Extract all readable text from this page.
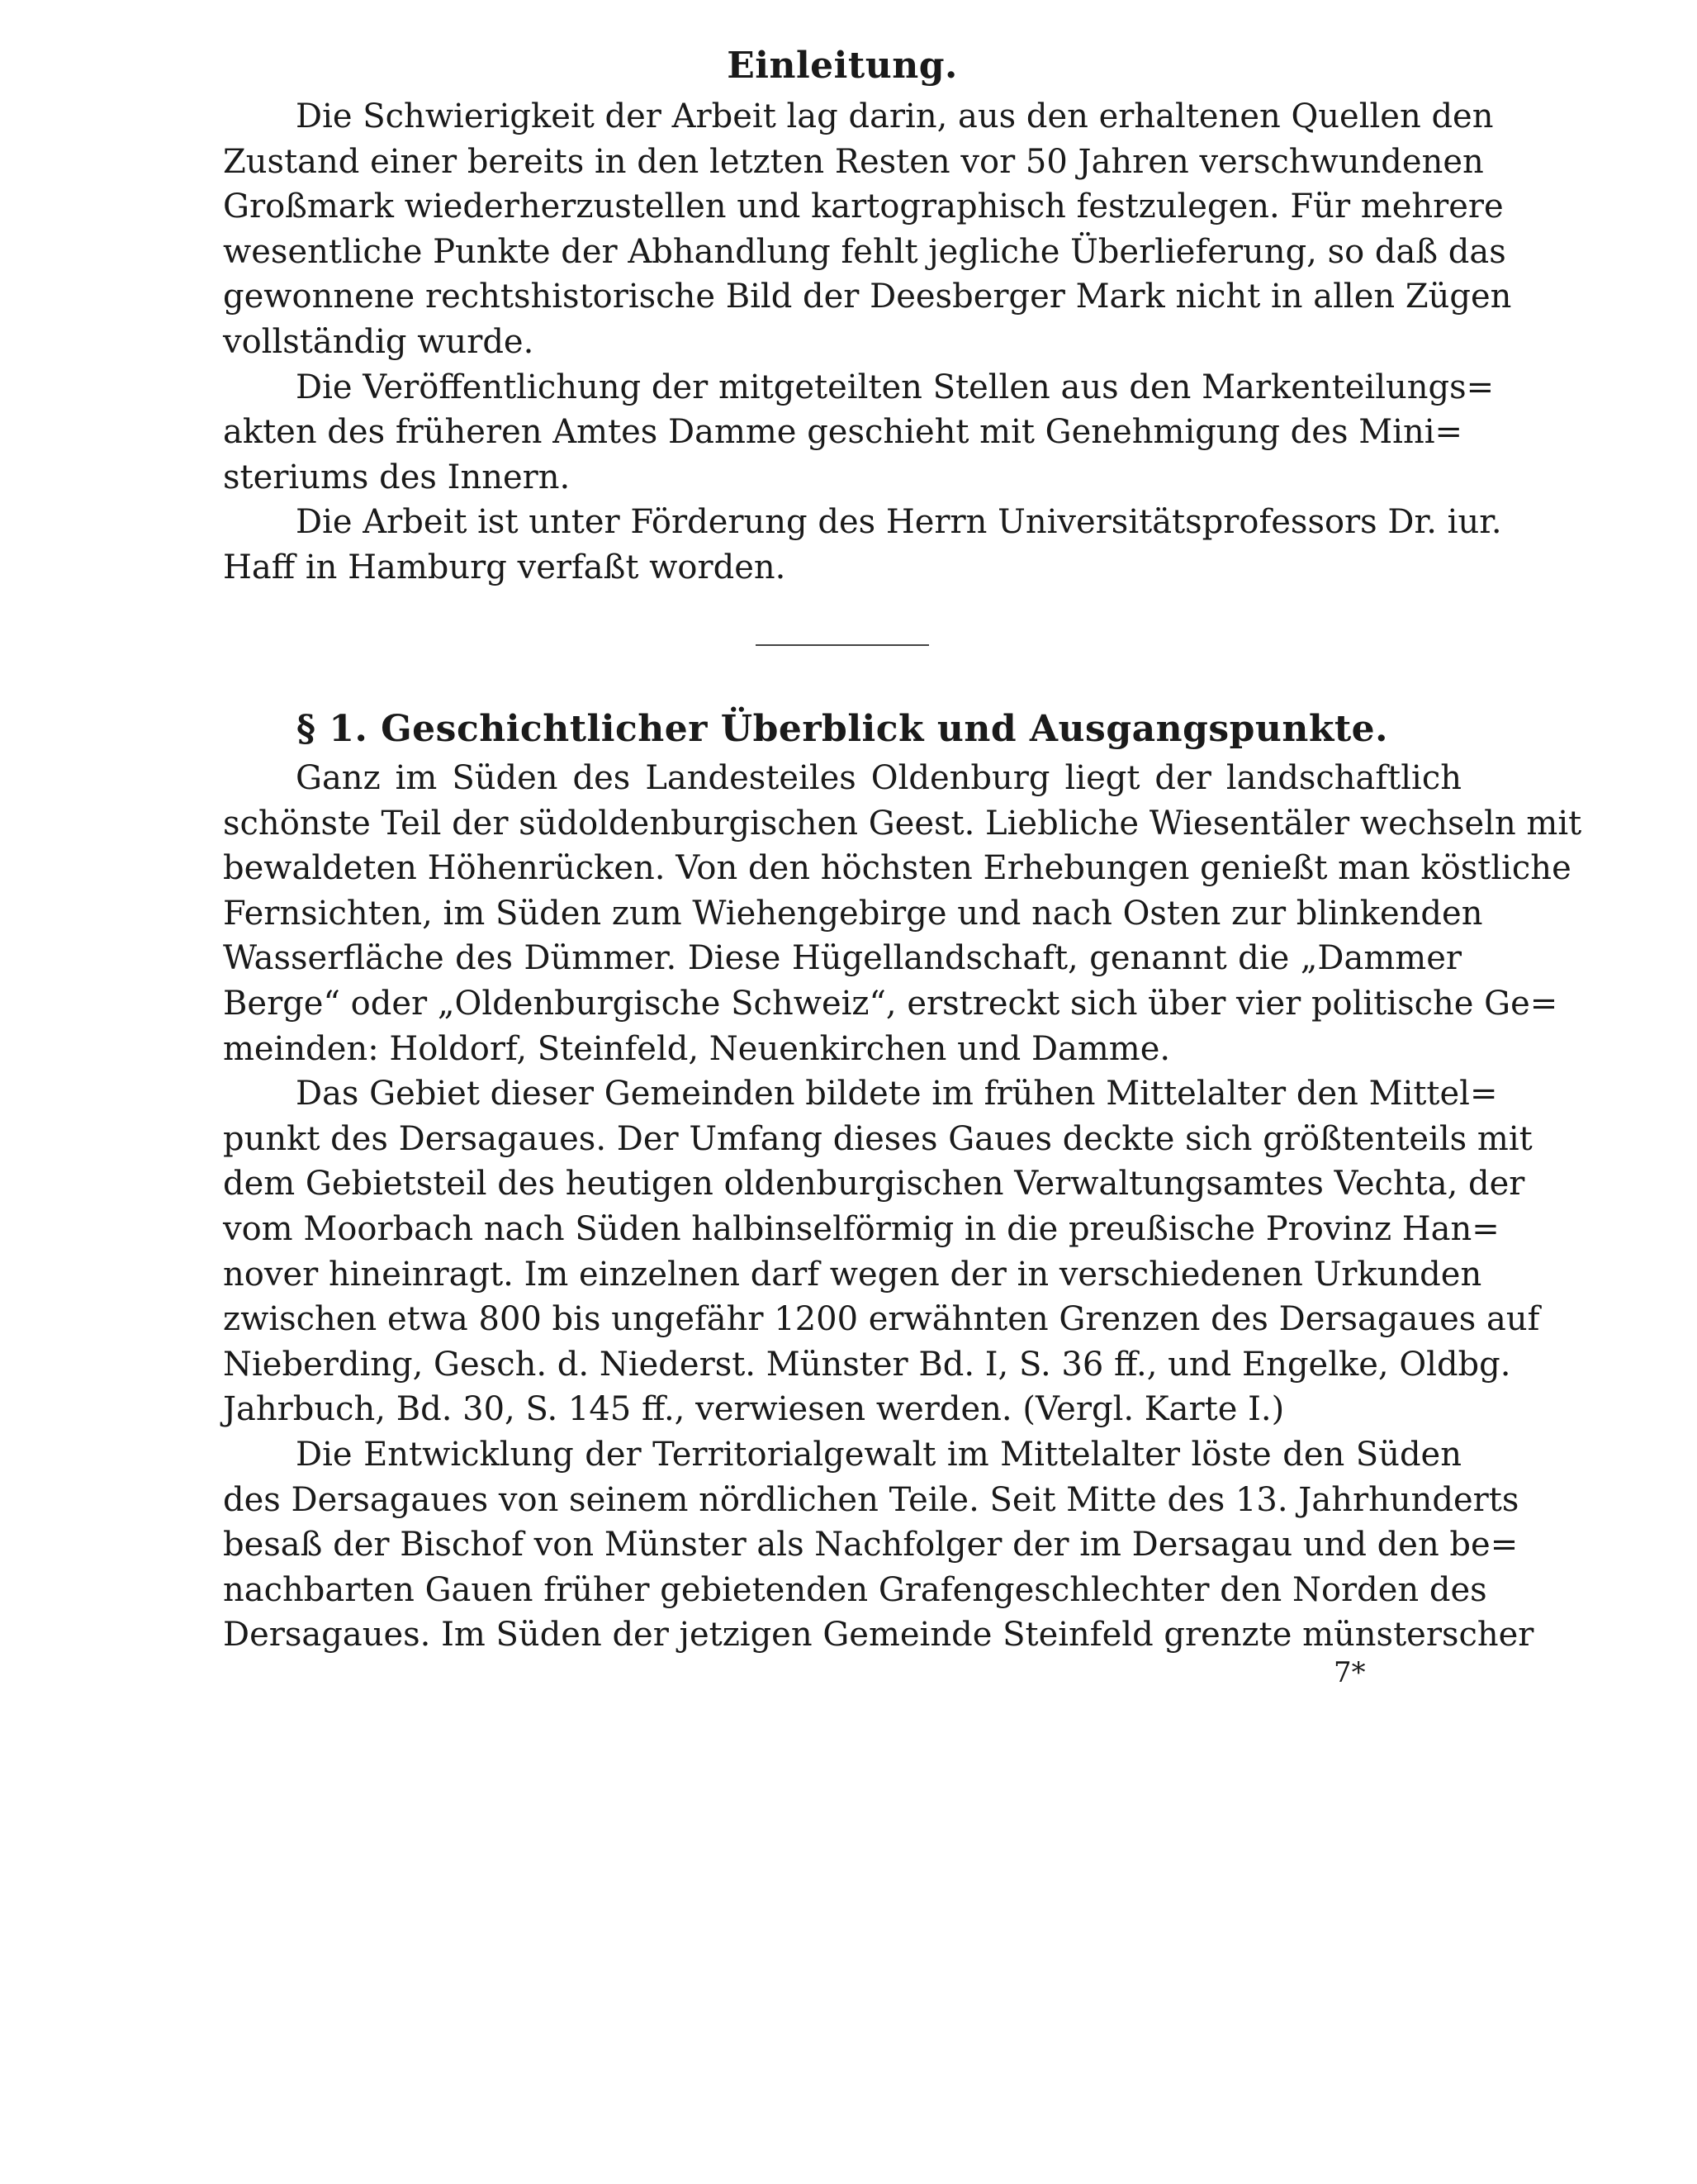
Einleitung.

Die Schwierigkeit der Arbeit lag darin, aus den erhaltenen Quellen den
Zustand einer bereits in den letzten Resten vor 50 Jahren verschwundenen
Großmark wiederherzustellen und kartographisch festzulegen. Für mehrere
wesentliche Punkte der Abhandlung fehlt jegliche Überlieferung, so daß das
gewonnene rechtshistorische Bild der Deesberger Mark nicht in allen Zügen
vollständig wurde.

Die Veröffentlichung der mitgeteilten Stellen aus den Markenteilungs=
akten des früheren Amtes Damme geschieht mit Genehmigung des Mini=
steriums des Innern.

Die Arbeit ist unter Förderung des Herrn Universitätsprofessors Dr. iur.
Haff in Hamburg verfaßt worden.

§ 1. Geschichtlicher Überblick und Ausgangspunkte.

Ganz im Süden des Landesteiles Oldenburg liegt der landschaftlich
schönste Teil der südoldenburgischen Geest. Liebliche Wiesentäler wechseln mit
bewaldeten Höhenrücken. Von den höchsten Erhebungen genießt man köstliche
Fernsichten, im Süden zum Wiehengebirge und nach Osten zur blinkenden
Wasserfläche des Dümmer. Diese Hügellandschaft, genannt die „Dammer
Berge“ oder „Oldenburgische Schweiz“, erstreckt sich über vier politische Ge=
meinden: Holdorf, Steinfeld, Neuenkirchen und Damme.

Das Gebiet dieser Gemeinden bildete im frühen Mittelalter den Mittel=
punkt des Dersagaues. Der Umfang dieses Gaues deckte sich größtenteils mit
dem Gebietsteil des heutigen oldenburgischen Verwaltungsamtes Vechta, der
vom Moorbach nach Süden halbinselförmig in die preußische Provinz Han=
nover hineinragt. Im einzelnen darf wegen der in verschiedenen Urkunden
zwischen etwa 800 bis ungefähr 1200 erwähnten Grenzen des Dersagaues auf
Nieberding, Gesch. d. Niederst. Münster Bd. I, S. 36 ff., und Engelke, Oldbg.
Jahrbuch, Bd. 30, S. 145 ff., verwiesen werden. (Vergl. Karte I.)

Die Entwicklung der Territorialgewalt im Mittelalter löste den Süden
des Dersagaues von seinem nördlichen Teile. Seit Mitte des 13. Jahrhunderts
besaß der Bischof von Münster als Nachfolger der im Dersagau und den be=
nachbarten Gauen früher gebietenden Grafengeschlechter den Norden des
Dersagaues. Im Süden der jetzigen Gemeinde Steinfeld grenzte münsterscher

7*
